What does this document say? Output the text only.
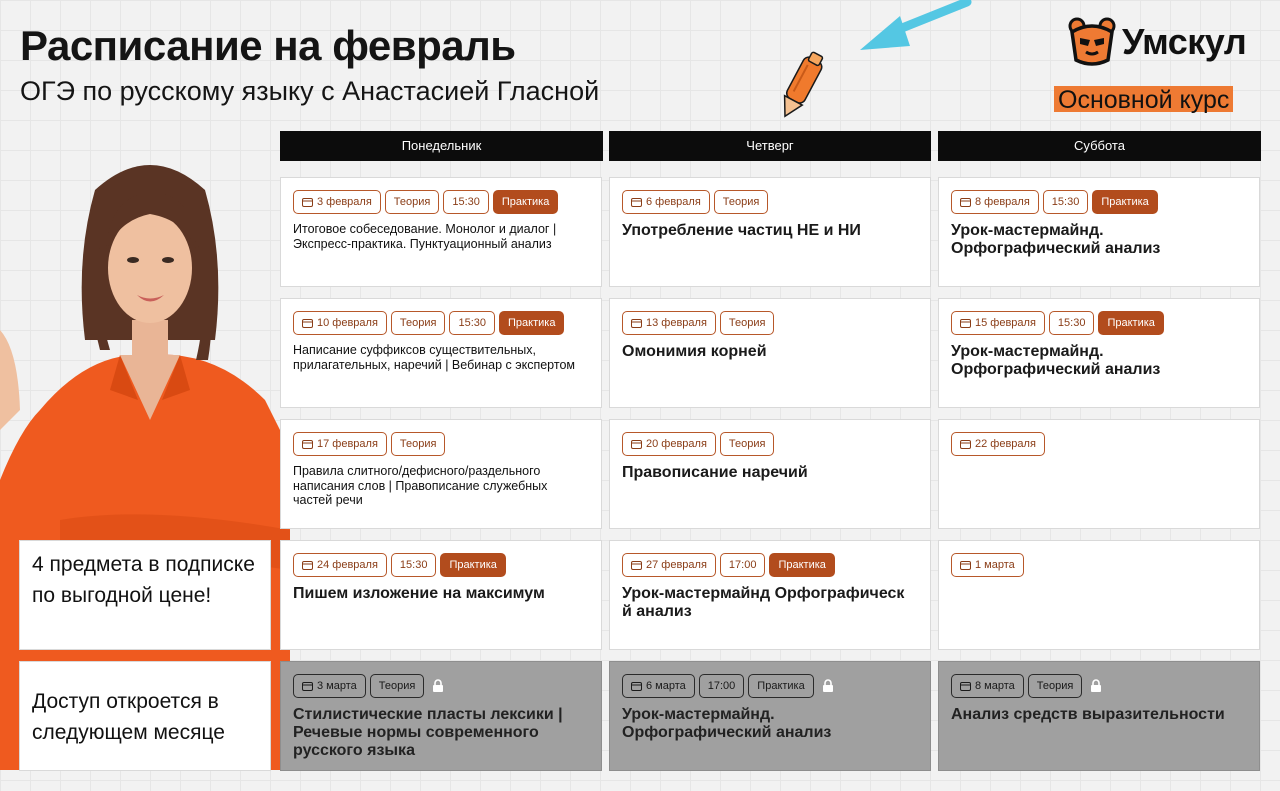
Расписание на февраль
ОГЭ по русскому языку с Анастасией Гласной
Умскул
Основной курс
Понедельник	Четверг	Суббота
3 февраля	Теория	15:30	Практика
Итоговое собеседование. Монолог и диалог | Экспресс-практика. Пунктуационный анализ
6 февраля	Теория
Употребление частиц НЕ и НИ
8 февраля	15:30	Практика
Урок-мастермайнд. Орфографический анализ
10 февраля	Теория	15:30	Практика
Написание суффиксов существительных, прилагательных, наречий | Вебинар с экспертом
13 февраля	Теория
Омонимия корней
15 февраля	15:30	Практика
Урок-мастермайнд. Орфографический анализ
17 февраля	Теория
Правила слитного/дефисного/раздельного написания слов | Правописание служебных частей речи
20 февраля	Теория
Правописание наречий
22 февраля
24 февраля	15:30	Практика
Пишем изложение на максимум
27 февраля	17:00	Практика
Урок-мастермайнд Орфографическ й анализ
1 марта
3 марта	Теория
Стилистические пласты лексики | Речевые нормы современного русского языка
6 марта	17:00	Практика
Урок-мастермайнд. Орфографический анализ
8 марта	Теория
Анализ средств выразительности
4 предмета в подписке по выгодной цене!
Доступ откроется в следующем месяце
